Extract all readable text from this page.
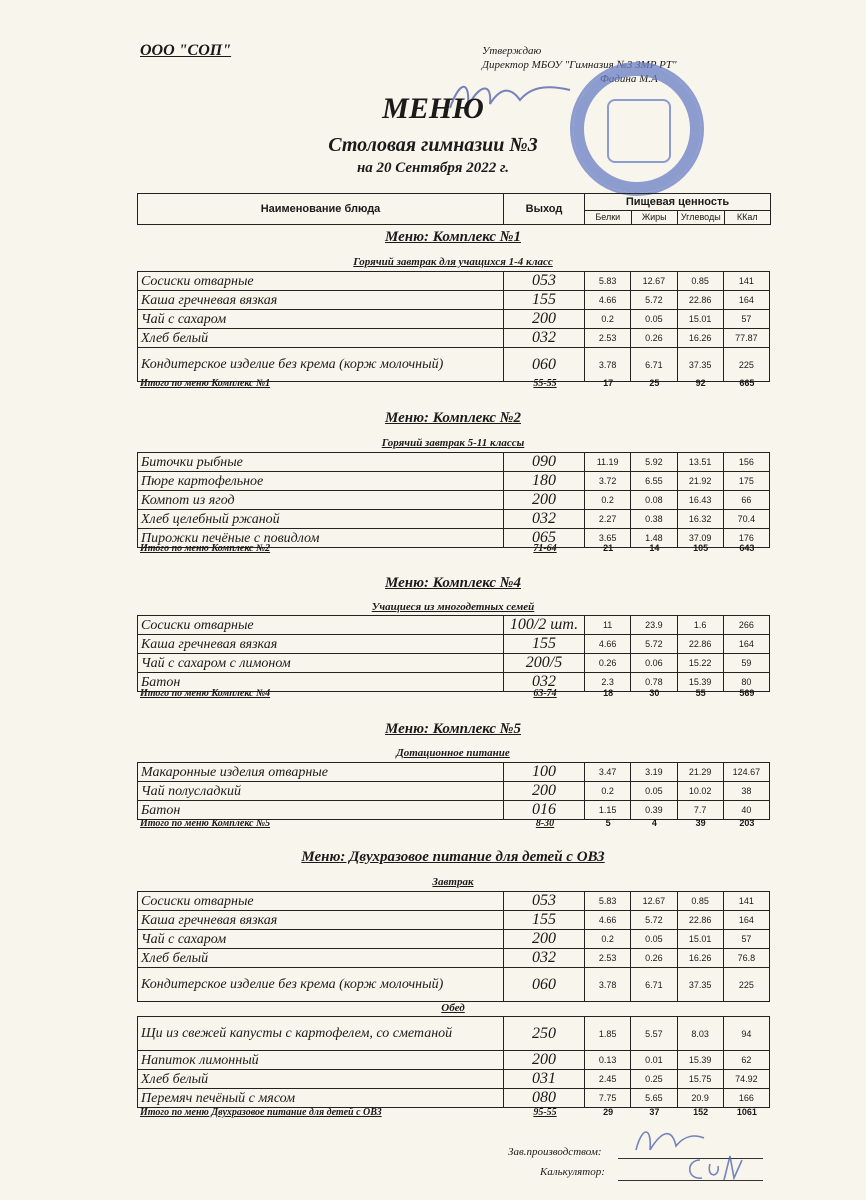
ООО "СОП"	Утверждаю
Директор МБОУ "Гимназия №3 ЗМР РТ"
Фадина М.А
МЕНЮ
Столовая гимназии №3
на 20 Сентября 2022 г.
Наименование блюда	Выход
Пищевая ценность
Белки	Жиры	Углеводы	ККал
Меню: Комплекс №1
Горячий завтрак для учащихся 1-4 класс
Сосиски отварные	053	5.83	12.67	0.85	141
Каша гречневая вязкая	155	4.66	5.72	22.86	164
Чай с сахаром	200	0.2	0.05	15.01	57
Хлеб белый	032	2.53	0.26	16.26	77.87
Кондитерское изделие без крема (корж молочный)	060	3.78	6.71	37.35	225
Итого по меню Комплекс №1	55-55	17	25	92	665
Меню: Комплекс №2
Горячий завтрак 5-11 классы
Биточки рыбные	090	11.19	5.92	13.51	156
Пюре картофельное	180	3.72	6.55	21.92	175
Компот из ягод	200	0.2	0.08	16.43	66
Хлеб целебный ржаной	032	2.27	0.38	16.32	70.4
Пирожки печёные с повидлом	065	3.65	1.48	37.09	176
Итого по меню Комплекс №2	71-64	21	14	105	643
Меню: Комплекс №4
Учащиеся из многодетных семей
Сосиски отварные	100/2 шт.	11	23.9	1.6	266
Каша гречневая вязкая	155	4.66	5.72	22.86	164
Чай с сахаром с лимоном	200/5	0.26	0.06	15.22	59
Батон	032	2.3	0.78	15.39	80
Итого по меню Комплекс №4	63-74	18	30	55	569
Меню: Комплекс №5
Дотационное питание
Макаронные изделия отварные	100	3.47	3.19	21.29	124.67
Чай полусладкий	200	0.2	0.05	10.02	38
Батон	016	1.15	0.39	7.7	40
Итого по меню Комплекс №5	8-30	5	4	39	203
Меню: Двухразовое питание для детей с ОВЗ
Завтрак
Сосиски отварные	053	5.83	12.67	0.85	141
Каша гречневая вязкая	155	4.66	5.72	22.86	164
Чай с сахаром	200	0.2	0.05	15.01	57
Хлеб белый	032	2.53	0.26	16.26	76.8
Кондитерское изделие без крема (корж молочный)	060	3.78	6.71	37.35	225
Обед
Щи из свежей капусты с картофелем, со сметаной	250	1.85	5.57	8.03	94
Напиток лимонный	200	0.13	0.01	15.39	62
Хлеб белый	031	2.45	0.25	15.75	74.92
Перемяч печёный с мясом	080	7.75	5.65	20.9	166
Итого по меню Двухразовое питание для детей с ОВЗ	95-55	29	37	152	1061
Зав.производством:
Калькулятор:
